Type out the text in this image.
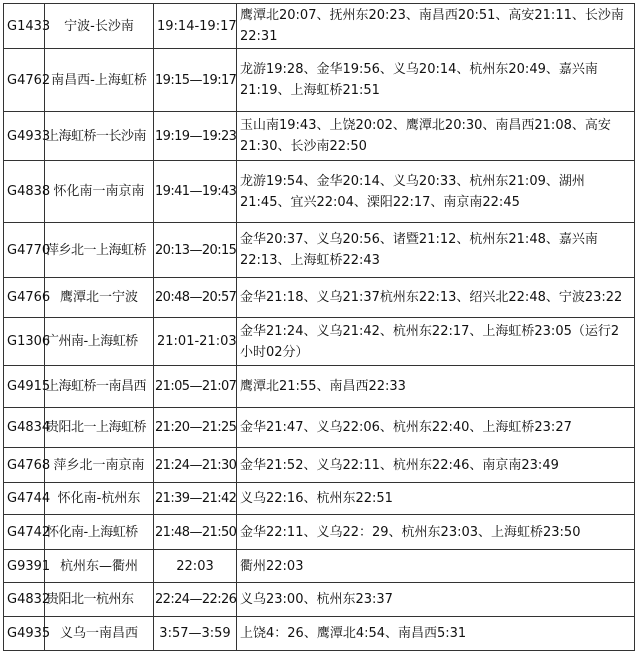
G1433	宁波-长沙南	19:14-19:17	鹰潭北20:07、抚州东20:23、南昌西20:51、高安21:11、长沙南22:31
G4762	南昌西-上海虹桥	19:15—19:17	龙游19:28、金华19:56、义乌20:14、杭州东20:49、嘉兴南21:19、上海虹桥21:51
G4933	上海虹桥一长沙南	19:19—19:23	玉山南19:43、上饶20:02、鹰潭北20:30、南昌西21:08、高安21:30、长沙南22:50
G4838	怀化南一南京南	19:41—19:43	龙游19:54、金华20:14、义乌20:33、杭州东21:09、湖州21:45、宜兴22:04、溧阳22:17、南京南22:45
G4770	萍乡北一上海虹桥	20:13—20:15	金华20:37、义乌20:56、诸暨21:12、杭州东21:48、嘉兴南22:13、上海虹桥22:43
G4766	鹰潭北一宁波	20:48—20:57	金华21:18、义乌21:37杭州东22:13、绍兴北22:48、宁波23:22
G1306	广州南-上海虹桥	21:01-21:03	金华21:24、义乌21:42、杭州东22:17、上海虹桥23:05（运行2小时02分）
G4915	上海虹桥一南昌西	21:05—21:07	鹰潭北21:55、南昌西22:33
G4834	贵阳北一上海虹桥	21:20—21:25	金华21:47、义乌22:06、杭州东22:40、上海虹桥23:27
G4768	萍乡北一南京南	21:24—21:30	金华21:52、义乌22:11、杭州东22:46、南京南23:49
G4744	怀化南-杭州东	21:39—21:42	义乌22:16、杭州东22:51
G4742	怀化南-上海虹桥	21:48—21:50	金华22:11、义乌22：29、杭州东23:03、上海虹桥23:50
G9391	杭州东—衢州	22:03	衢州22:03
G4832	贵阳北一杭州东	22:24—22:26	义乌23:00、杭州东23:37
G4935	义乌一南昌西	3:57—3:59	上饶4：26、鹰潭北4:54、南昌西5:31
